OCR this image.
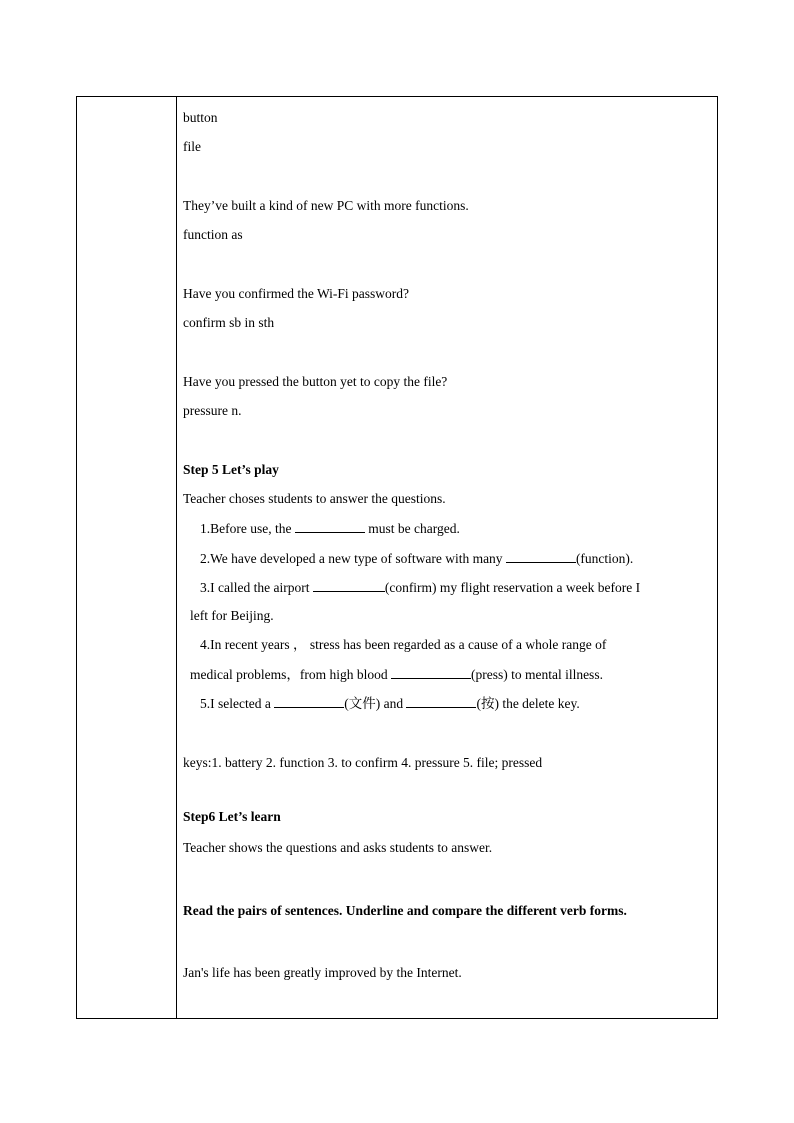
button
file
They’ve built a kind of new PC with more functions.
function as
Have you confirmed the Wi-Fi password?
confirm sb in sth
Have you pressed the button yet to copy the file?
pressure n.
Step 5 Let’s play
Teacher choses students to answer the questions.
1.Before use, the	must be charged.
2.We have developed a new type of software with many	(function).
3.I called the airport	(confirm) my flight reservation a week before I
left for Beijing.
4.In recent years ， stress has been regarded as a cause of a whole range of
medical problems，from high blood	(press) to mental illness.
5.I selected a	(文件) and	(按) the delete key.
keys:1. battery 2. function 3. to confirm 4. pressure 5. file; pressed
Step6 Let’s learn
Teacher shows the questions and asks students to answer.
Read the pairs of sentences. Underline and compare the different verb forms.
Jan's life has been greatly improved by the Internet.
